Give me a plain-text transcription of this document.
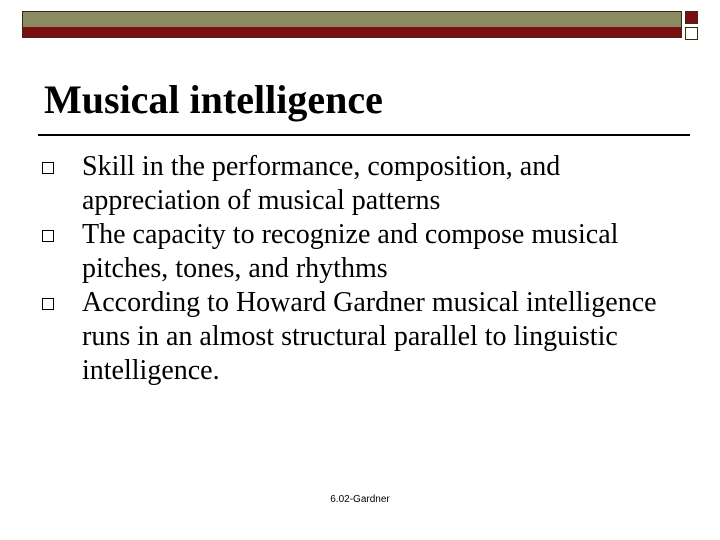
Musical intelligence
Skill in the performance, composition, and appreciation of musical patterns
The capacity to recognize and compose musical pitches, tones, and rhythms
According to Howard Gardner musical intelligence runs in an almost structural parallel to linguistic intelligence.
6.02-Gardner
